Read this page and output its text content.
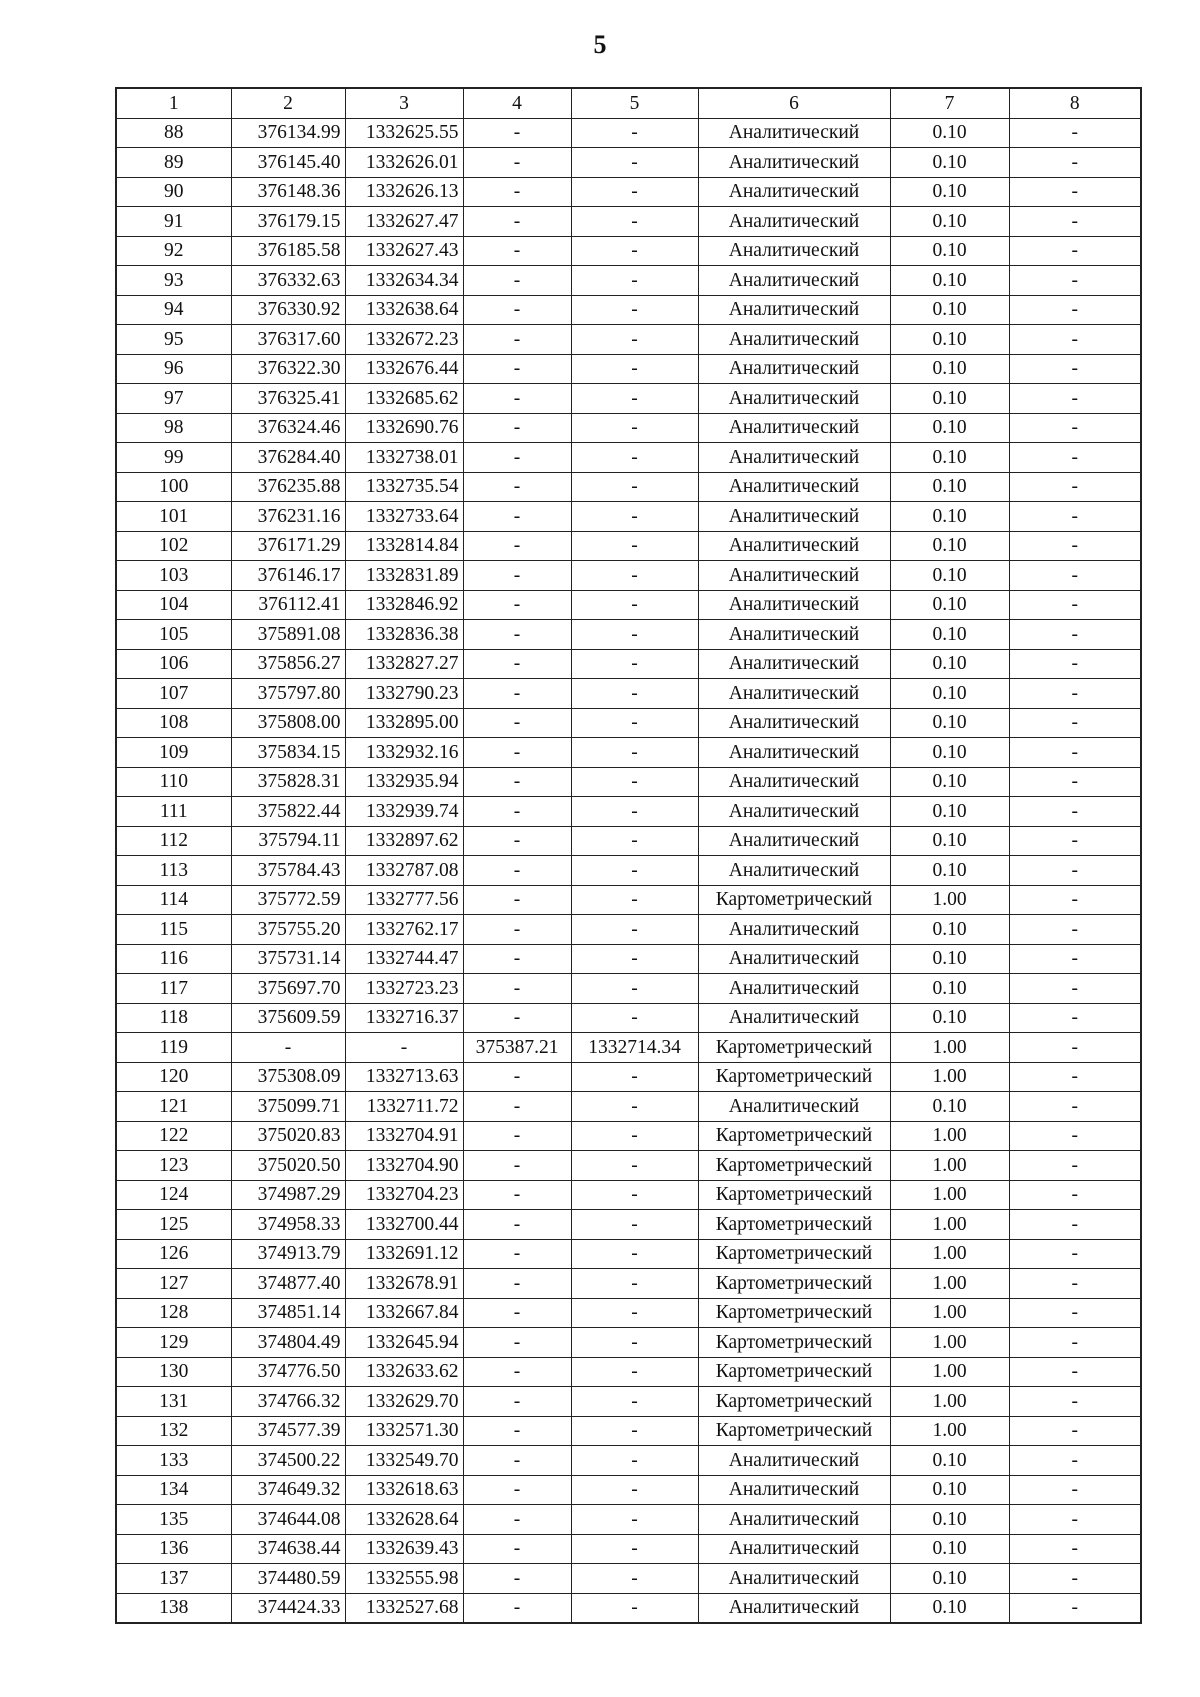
5
1	2	3	4	5	6	7	8
88	376134.99	1332625.55	-	-	Аналитический	0.10	-
89	376145.40	1332626.01	-	-	Аналитический	0.10	-
90	376148.36	1332626.13	-	-	Аналитический	0.10	-
91	376179.15	1332627.47	-	-	Аналитический	0.10	-
92	376185.58	1332627.43	-	-	Аналитический	0.10	-
93	376332.63	1332634.34	-	-	Аналитический	0.10	-
94	376330.92	1332638.64	-	-	Аналитический	0.10	-
95	376317.60	1332672.23	-	-	Аналитический	0.10	-
96	376322.30	1332676.44	-	-	Аналитический	0.10	-
97	376325.41	1332685.62	-	-	Аналитический	0.10	-
98	376324.46	1332690.76	-	-	Аналитический	0.10	-
99	376284.40	1332738.01	-	-	Аналитический	0.10	-
100	376235.88	1332735.54	-	-	Аналитический	0.10	-
101	376231.16	1332733.64	-	-	Аналитический	0.10	-
102	376171.29	1332814.84	-	-	Аналитический	0.10	-
103	376146.17	1332831.89	-	-	Аналитический	0.10	-
104	376112.41	1332846.92	-	-	Аналитический	0.10	-
105	375891.08	1332836.38	-	-	Аналитический	0.10	-
106	375856.27	1332827.27	-	-	Аналитический	0.10	-
107	375797.80	1332790.23	-	-	Аналитический	0.10	-
108	375808.00	1332895.00	-	-	Аналитический	0.10	-
109	375834.15	1332932.16	-	-	Аналитический	0.10	-
110	375828.31	1332935.94	-	-	Аналитический	0.10	-
111	375822.44	1332939.74	-	-	Аналитический	0.10	-
112	375794.11	1332897.62	-	-	Аналитический	0.10	-
113	375784.43	1332787.08	-	-	Аналитический	0.10	-
114	375772.59	1332777.56	-	-	Картометрический	1.00	-
115	375755.20	1332762.17	-	-	Аналитический	0.10	-
116	375731.14	1332744.47	-	-	Аналитический	0.10	-
117	375697.70	1332723.23	-	-	Аналитический	0.10	-
118	375609.59	1332716.37	-	-	Аналитический	0.10	-
119	-	-	375387.21	1332714.34	Картометрический	1.00	-
120	375308.09	1332713.63	-	-	Картометрический	1.00	-
121	375099.71	1332711.72	-	-	Аналитический	0.10	-
122	375020.83	1332704.91	-	-	Картометрический	1.00	-
123	375020.50	1332704.90	-	-	Картометрический	1.00	-
124	374987.29	1332704.23	-	-	Картометрический	1.00	-
125	374958.33	1332700.44	-	-	Картометрический	1.00	-
126	374913.79	1332691.12	-	-	Картометрический	1.00	-
127	374877.40	1332678.91	-	-	Картометрический	1.00	-
128	374851.14	1332667.84	-	-	Картометрический	1.00	-
129	374804.49	1332645.94	-	-	Картометрический	1.00	-
130	374776.50	1332633.62	-	-	Картометрический	1.00	-
131	374766.32	1332629.70	-	-	Картометрический	1.00	-
132	374577.39	1332571.30	-	-	Картометрический	1.00	-
133	374500.22	1332549.70	-	-	Аналитический	0.10	-
134	374649.32	1332618.63	-	-	Аналитический	0.10	-
135	374644.08	1332628.64	-	-	Аналитический	0.10	-
136	374638.44	1332639.43	-	-	Аналитический	0.10	-
137	374480.59	1332555.98	-	-	Аналитический	0.10	-
138	374424.33	1332527.68	-	-	Аналитический	0.10	-
